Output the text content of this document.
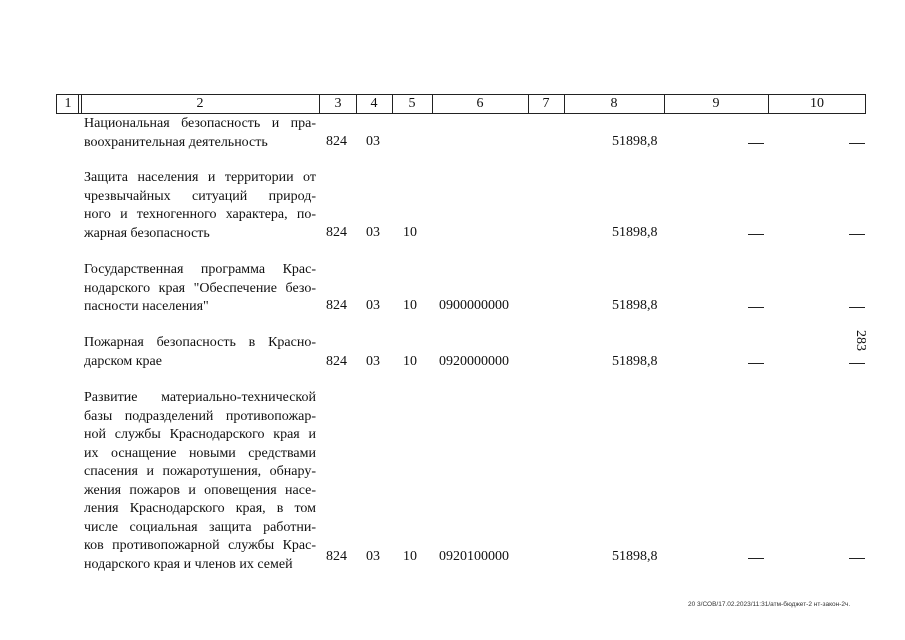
1	2	3	4	5	6	7	8	9	10
Национальная безопасность и пра-
воохранительная деятельность	824 03	51898,8
Защита населения и территории от
чрезвычайных ситуаций природ-
ного и техногенного характера, по-
жарная безопасность	824 03 10	51898,8
Государственная программа Крас-
нодарского края "Обеспечение безо-
пасности населения"	824 03 10 0900000000	51898,8
Пожарная безопасность в Красно-
дарском крае	824 03 10 0920000000	51898,8
Развитие материально-технической
базы подразделений противопожар-
ной службы Краснодарского края и
их оснащение новыми средствами
спасения и пожаротушения, обнару-
жения пожаров и оповещения насе-
ления Краснодарского края, в том
числе социальная защита работни-
ков противопожарной службы Крас-
нодарского края и членов их семей	824 03 10 0920100000	51898,8
283
20 3/СОВ/17.02.2023/11:31/атм-бюджет-2 нт-закон-2ч.
